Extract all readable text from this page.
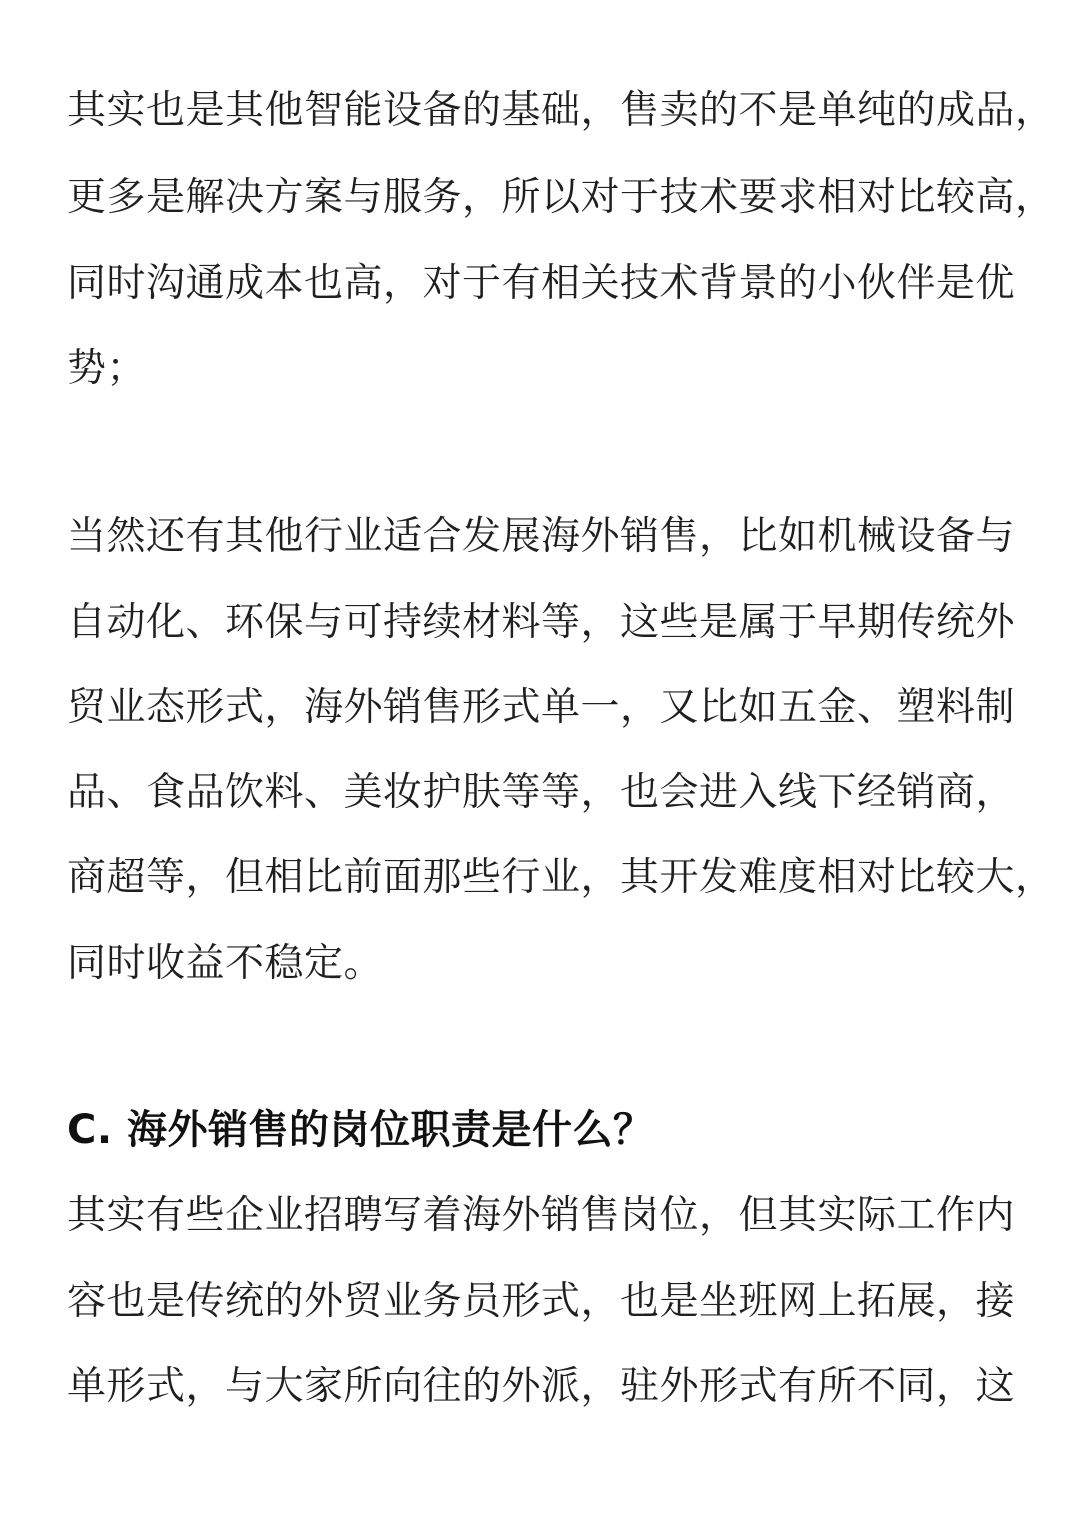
其实也是其他智能设备的基础，售卖的不是单纯的成品，
更多是解决方案与服务，所以对于技术要求相对比较高，
同时沟通成本也高，对于有相关技术背景的小伙伴是优
势；
当然还有其他行业适合发展海外销售，比如机械设备与
自动化、环保与可持续材料等，这些是属于早期传统外
贸业态形式，海外销售形式单一，又比如五金、塑料制
品、食品饮料、美妆护肤等等，也会进入线下经销商，
商超等，但相比前面那些行业，其开发难度相对比较大，
同时收益不稳定。
C. 海外销售的岗位职责是什么？
其实有些企业招聘写着海外销售岗位，但其实际工作内
容也是传统的外贸业务员形式，也是坐班网上拓展，接
单形式，与大家所向往的外派，驻外形式有所不同，这
